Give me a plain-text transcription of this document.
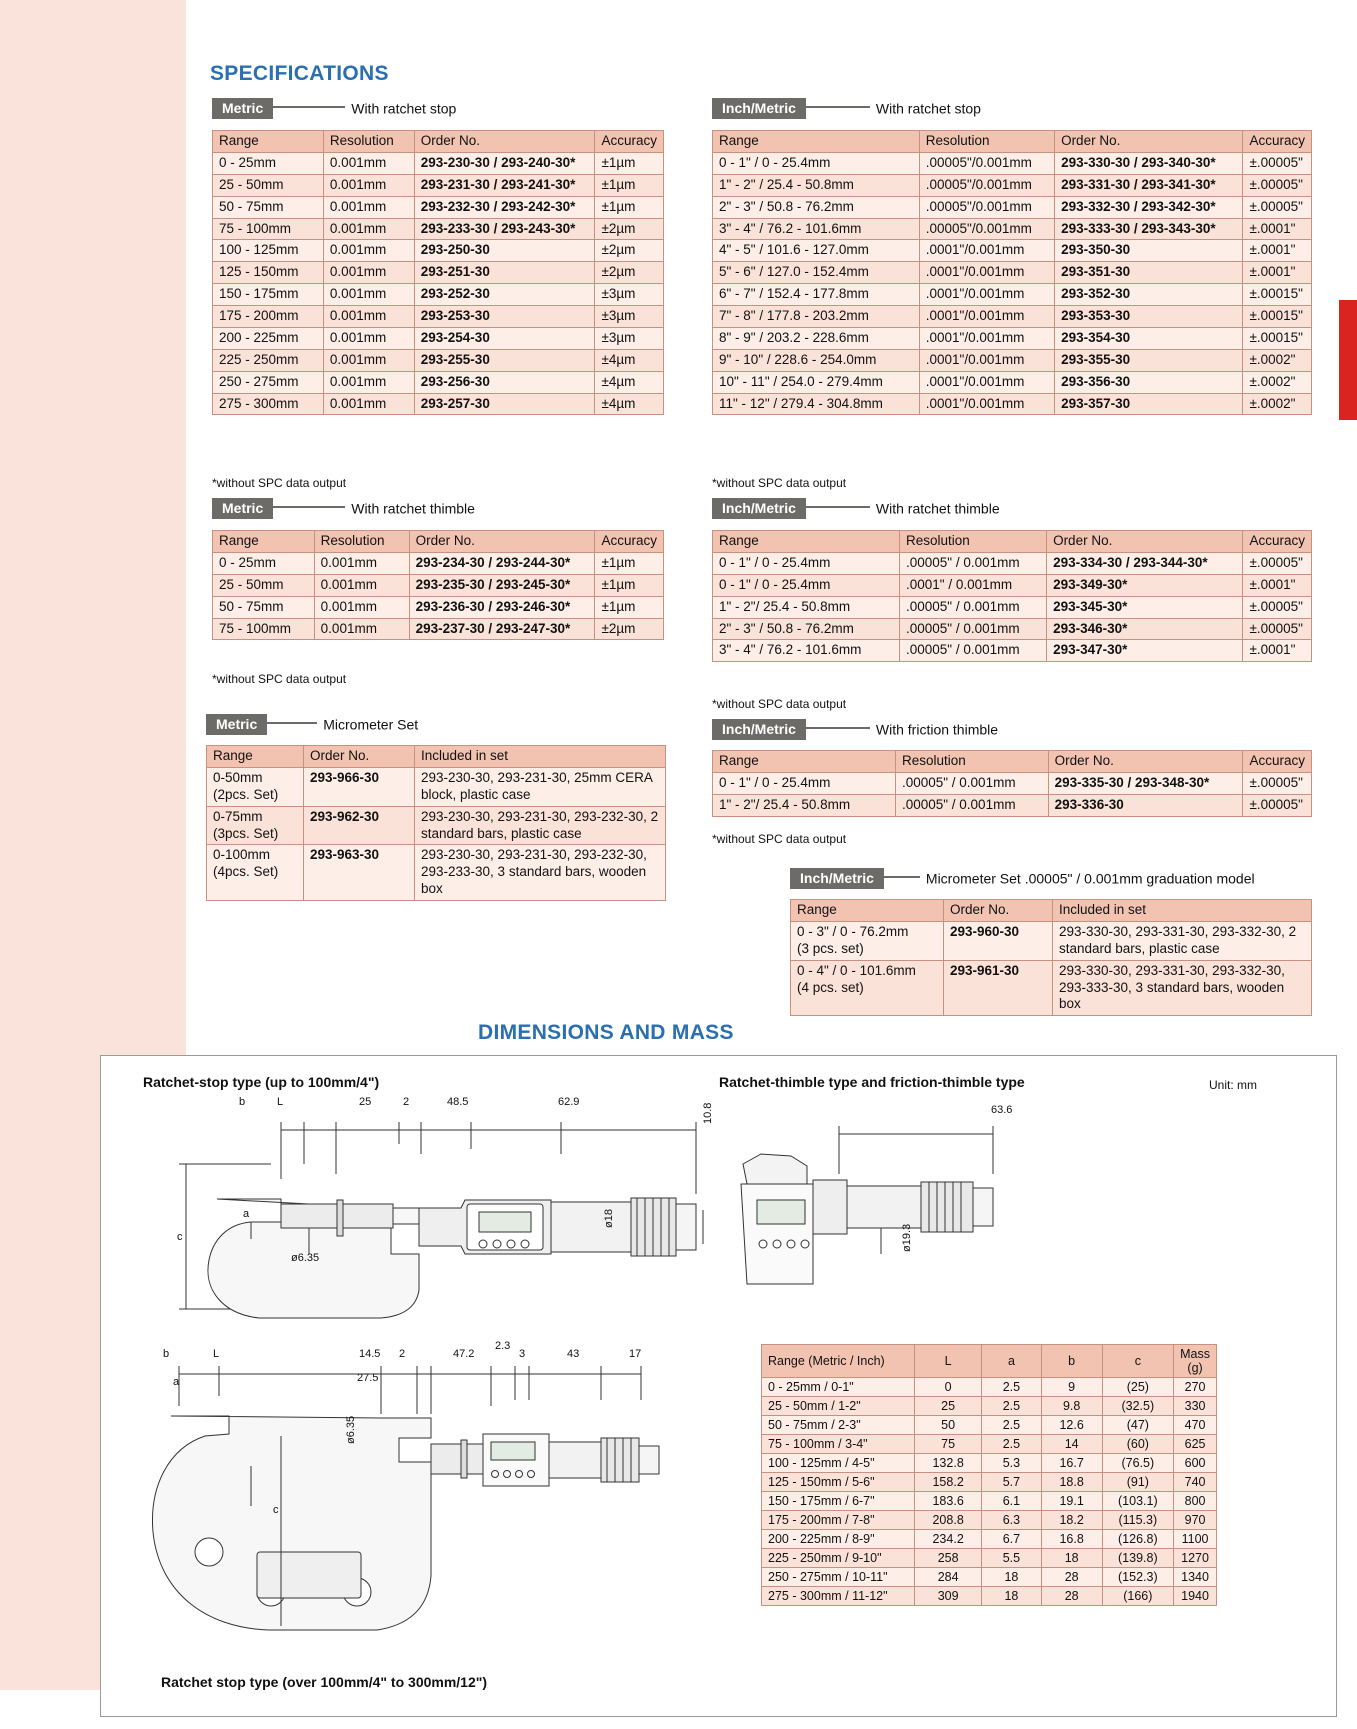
SPECIFICATIONS
Metric	With ratchet stop
Range	Resolution	Order No.	Accuracy
0 - 25mm	0.001mm	293-230-30 / 293-240-30*	±1µm
25 - 50mm	0.001mm	293-231-30 / 293-241-30*	±1µm
50 - 75mm	0.001mm	293-232-30 / 293-242-30*	±1µm
75 - 100mm	0.001mm	293-233-30 / 293-243-30*	±2µm
100 - 125mm	0.001mm	293-250-30	±2µm
125 - 150mm	0.001mm	293-251-30	±2µm
150 - 175mm	0.001mm	293-252-30	±3µm
175 - 200mm	0.001mm	293-253-30	±3µm
200 - 225mm	0.001mm	293-254-30	±3µm
225 - 250mm	0.001mm	293-255-30	±4µm
250 - 275mm	0.001mm	293-256-30	±4µm
275 - 300mm	0.001mm	293-257-30	±4µm
*without SPC data output
Metric	With ratchet thimble
Range	Resolution	Order No.	Accuracy
0 - 25mm	0.001mm	293-234-30 / 293-244-30*	±1µm
25 - 50mm	0.001mm	293-235-30 / 293-245-30*	±1µm
50 - 75mm	0.001mm	293-236-30 / 293-246-30*	±1µm
75 - 100mm	0.001mm	293-237-30 / 293-247-30*	±2µm
*without SPC data output
Metric	Micrometer Set
Range	Order No.	Included in set
0-50mm
(2pcs. Set)	293-966-30	293-230-30, 293-231-30, 25mm CERA block, plastic case
0-75mm
(3pcs. Set)	293-962-30	293-230-30, 293-231-30, 293-232-30, 2 standard bars, plastic case
0-100mm
(4pcs. Set)	293-963-30	293-230-30, 293-231-30, 293-232-30, 293-233-30, 3 standard bars, wooden box
Inch/Metric	With ratchet stop
Range	Resolution	Order No.	Accuracy
0 - 1" / 0 - 25.4mm	.00005"/0.001mm	293-330-30 / 293-340-30*	±.00005"
1" - 2" / 25.4 - 50.8mm	.00005"/0.001mm	293-331-30 / 293-341-30*	±.00005"
2" - 3" / 50.8 - 76.2mm	.00005"/0.001mm	293-332-30 / 293-342-30*	±.00005"
3" - 4" / 76.2 - 101.6mm	.00005"/0.001mm	293-333-30 / 293-343-30*	±.0001"
4" - 5" / 101.6 - 127.0mm	.0001"/0.001mm	293-350-30	±.0001"
5" - 6" / 127.0 - 152.4mm	.0001"/0.001mm	293-351-30	±.0001"
6" - 7" / 152.4 - 177.8mm	.0001"/0.001mm	293-352-30	±.00015"
7" - 8" / 177.8 - 203.2mm	.0001"/0.001mm	293-353-30	±.00015"
8" - 9" / 203.2 - 228.6mm	.0001"/0.001mm	293-354-30	±.00015"
9" - 10" / 228.6 - 254.0mm	.0001"/0.001mm	293-355-30	±.0002"
10" - 11" / 254.0 - 279.4mm	.0001"/0.001mm	293-356-30	±.0002"
11" - 12" / 279.4 - 304.8mm	.0001"/0.001mm	293-357-30	±.0002"
*without SPC data output
Inch/Metric	With ratchet thimble
Range	Resolution	Order No.	Accuracy
0 - 1" / 0 - 25.4mm	.00005" / 0.001mm	293-334-30 / 293-344-30*	±.00005"
0 - 1" / 0 - 25.4mm	.0001" / 0.001mm	293-349-30*	±.0001"
1" - 2"/ 25.4 - 50.8mm	.00005" / 0.001mm	293-345-30*	±.00005"
2" - 3" / 50.8 - 76.2mm	.00005" / 0.001mm	293-346-30*	±.00005"
3" - 4" / 76.2 - 101.6mm	.00005" / 0.001mm	293-347-30*	±.0001"
*without SPC data output
Inch/Metric	With friction thimble
Range	Resolution	Order No.	Accuracy
0 - 1" / 0 - 25.4mm	.00005" / 0.001mm	293-335-30 / 293-348-30*	±.00005"
1" - 2"/ 25.4 - 50.8mm	.00005" / 0.001mm	293-336-30	±.00005"
*without SPC data output
Inch/Metric	Micrometer Set .00005" / 0.001mm graduation model
Range	Order No.	Included in set
0 - 3" / 0 - 76.2mm
(3 pcs. set)	293-960-30	293-330-30, 293-331-30, 293-332-30, 2 standard bars, plastic case
0 - 4" / 0 - 101.6mm
(4 pcs. set)	293-961-30	293-330-30, 293-331-30, 293-332-30, 293-333-30, 3 standard bars, wooden box
DIMENSIONS AND MASS
Ratchet-stop type (up to 100mm/4")	Ratchet-thimble type and friction-thimble type	Unit: mm
Ratchet stop type (over 100mm/4" to 300mm/12")
b	L	25	2	48.5	62.9
10.8
a
c
ø6.35
ø18
63.6
ø19.3
b	L
a
14.5 2	47.2
2.3
3	43	17
27.5
ø6.35
c
Range (Metric / Inch)	L	a	b	c	Mass (g)
0 - 25mm / 0-1"	0	2.5	9	(25)	270
25 - 50mm / 1-2"	25	2.5	9.8	(32.5)	330
50 - 75mm / 2-3"	50	2.5	12.6	(47)	470
75 - 100mm / 3-4"	75	2.5	14	(60)	625
100 - 125mm / 4-5"	132.8	5.3	16.7	(76.5)	600
125 - 150mm / 5-6"	158.2	5.7	18.8	(91)	740
150 - 175mm / 6-7"	183.6	6.1	19.1	(103.1)	800
175 - 200mm / 7-8"	208.8	6.3	18.2	(115.3)	970
200 - 225mm / 8-9"	234.2	6.7	16.8	(126.8)	1100
225 - 250mm / 9-10"	258	5.5	18	(139.8)	1270
250 - 275mm / 10-11"	284	18	28	(152.3)	1340
275 - 300mm / 11-12"	309	18	28	(166)	1940
